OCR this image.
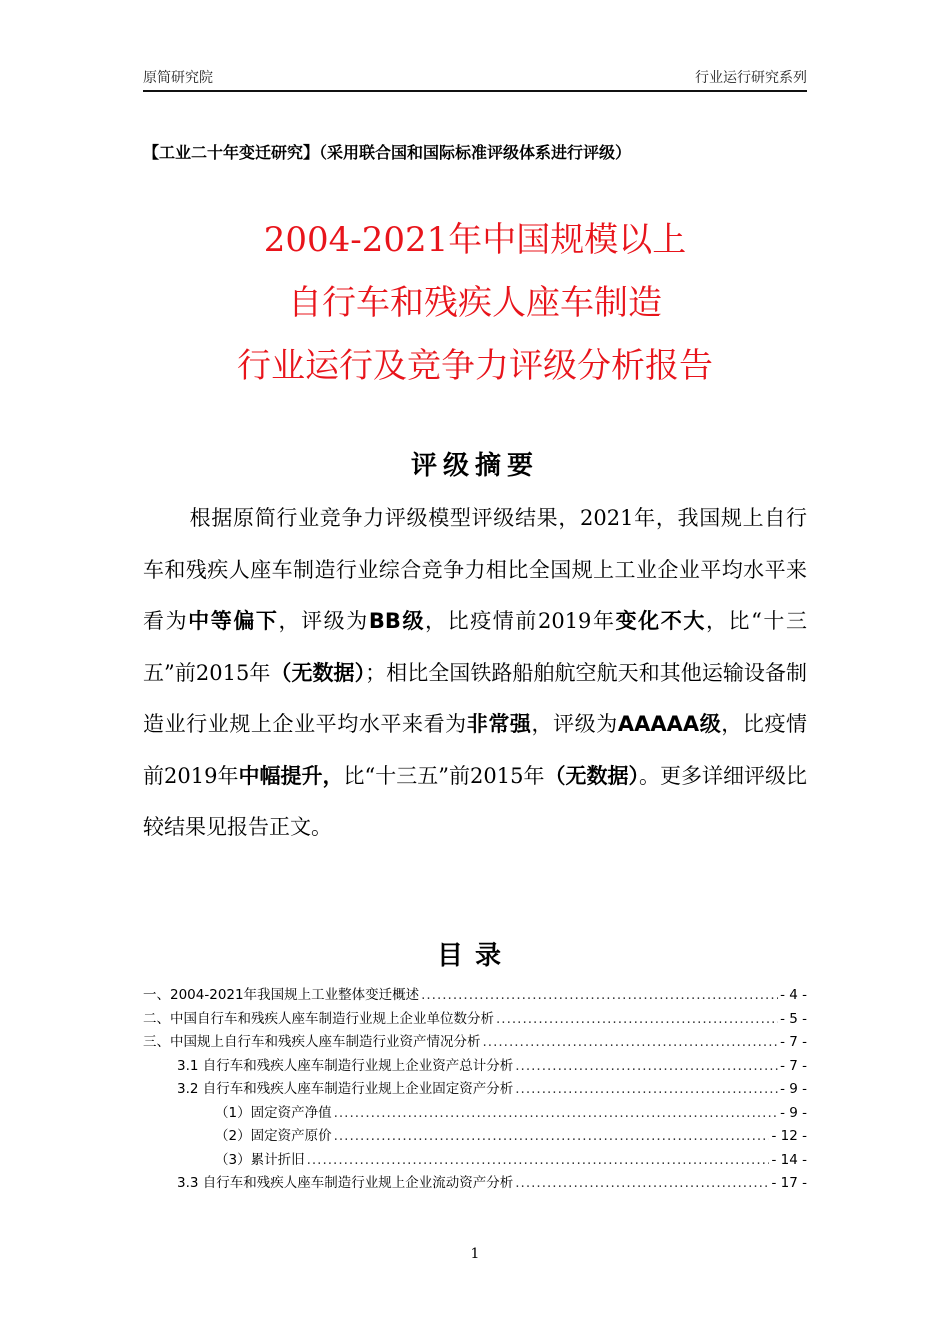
原简研究院	行业运行研究系列
【工业二十年变迁研究】（采用联合国和国际标准评级体系进行评级）
2004-2021年中国规模以上
自行车和残疾人座车制造
行业运行及竞争力评级分析报告
评级摘要
根据原简行业竞争力评级模型评级结果，2021年，我国规上自行车和残疾人座车制造行业综合竞争力相比全国规上工业企业平均水平来看为中等偏下，评级为BB级，比疫情前2019年变化不大，比“十三五”前2015年（无数据）；相比全国铁路船舶航空航天和其他运输设备制造业行业规上企业平均水平来看为非常强，评级为AAAAA级，比疫情前2019年中幅提升，比“十三五”前2015年（无数据）。更多详细评级比较结果见报告正文。
目录
一、2004-2021年我国规上工业整体变迁概述 .....	- 4 -
二、中国自行车和残疾人座车制造行业规上企业单位数分析 .....	- 5 -
三、中国规上自行车和残疾人座车制造行业资产情况分析 .....	- 7 -
3.1 自行车和残疾人座车制造行业规上企业资产总计分析 .....	- 7 -
3.2 自行车和残疾人座车制造行业规上企业固定资产分析 .....	- 9 -
（1）固定资产净值 .....	- 9 -
（2）固定资产原价 .....	- 12 -
（3）累计折旧 .....	- 14 -
3.3 自行车和残疾人座车制造行业规上企业流动资产分析 .....	- 17 -
1
